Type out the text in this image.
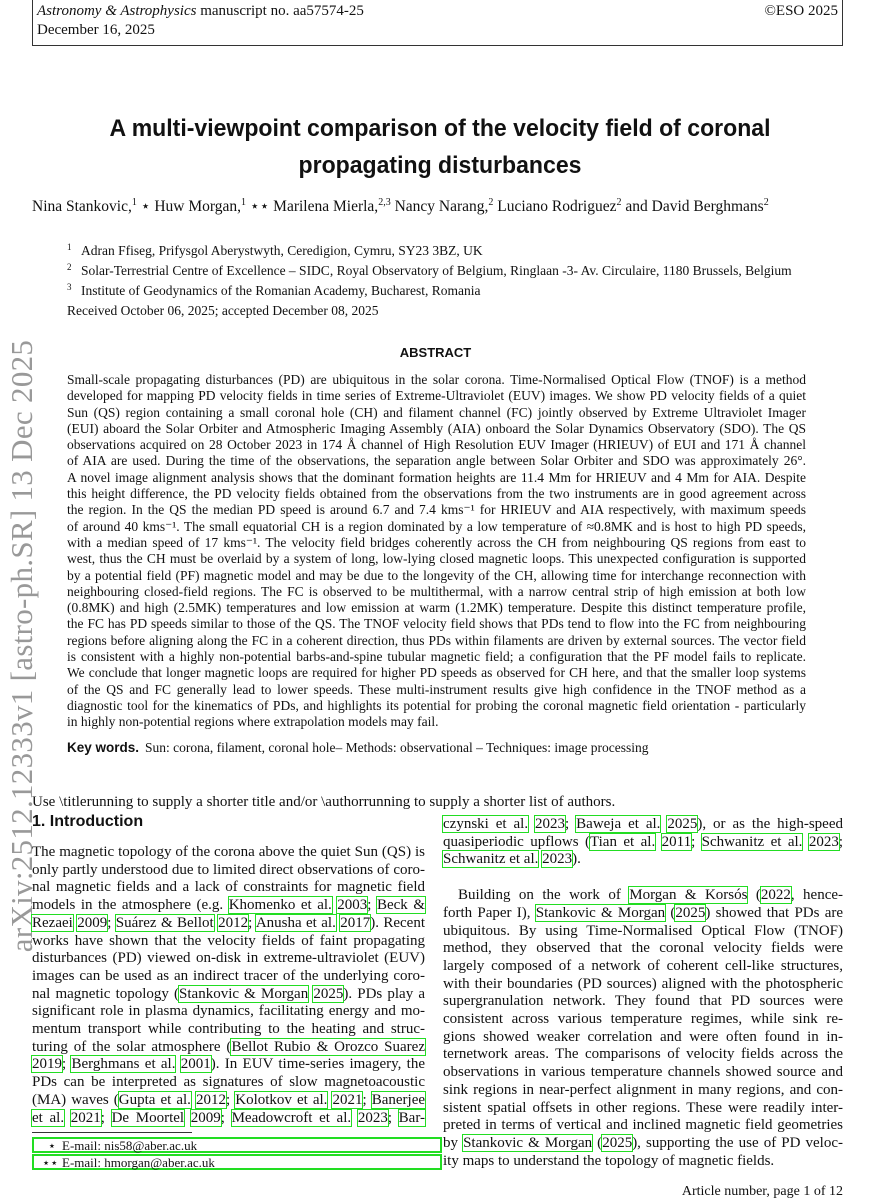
Astronomy & Astrophysics manuscript no. aa57574-25
December 16, 2025
©ESO 2025
arXiv:2512.12333v1 [astro-ph.SR] 13 Dec 2025
A multi-viewpoint comparison of the velocity field of coronal
propagating disturbances
Nina Stankovic,$^1$ ⋆ Huw Morgan,$^1$ ⋆⋆ Marilena Mierla,$^{2,3}$ Nancy Narang,$^2$ Luciano Rodriguez$^2$ and David Berghmans$^2$
1 Adran Ffiseg, Prifysgol Aberystwyth, Ceredigion, Cymru, SY23 3BZ, UK
2 Solar-Terrestrial Centre of Excellence – SIDC, Royal Observatory of Belgium, Ringlaan -3- Av. Circulaire, 1180 Brussels, Belgium
3 Institute of Geodynamics of the Romanian Academy, Bucharest, Romania
Received October 06, 2025; accepted December 08, 2025
ABSTRACT
Small-scale propagating disturbances (PD) are ubiquitous in the solar corona. Time-Normalised Optical Flow (TNOF) is a method
developed for mapping PD velocity fields in time series of Extreme-Ultraviolet (EUV) images. We show PD velocity fields of a quiet
Sun (QS) region containing a small coronal hole (CH) and filament channel (FC) jointly observed by Extreme Ultraviolet Imager
(EUI) aboard the Solar Orbiter and Atmospheric Imaging Assembly (AIA) onboard the Solar Dynamics Observatory (SDO). The QS
observations acquired on 28 October 2023 in 174 Å channel of High Resolution EUV Imager (HRIEUV) of EUI and 171 Å channel
of AIA are used. During the time of the observations, the separation angle between Solar Orbiter and SDO was approximately 26°.
A novel image alignment analysis shows that the dominant formation heights are 11.4 Mm for HRIEUV and 4 Mm for AIA. Despite
this height difference, the PD velocity fields obtained from the observations from the two instruments are in good agreement across
the region. In the QS the median PD speed is around 6.7 and 7.4 kms⁻¹ for HRIEUV and AIA respectively, with maximum speeds
of around 40 kms⁻¹. The small equatorial CH is a region dominated by a low temperature of ≈0.8MK and is host to high PD speeds,
with a median speed of 17 kms⁻¹. The velocity field bridges coherently across the CH from neighbouring QS regions from east to
west, thus the CH must be overlaid by a system of long, low-lying closed magnetic loops. This unexpected configuration is supported
by a potential field (PF) magnetic model and may be due to the longevity of the CH, allowing time for interchange reconnection with
neighbouring closed-field regions. The FC is observed to be multithermal, with a narrow central strip of high emission at both low
(0.8MK) and high (2.5MK) temperatures and low emission at warm (1.2MK) temperature. Despite this distinct temperature profile,
the FC has PD speeds similar to those of the QS. The TNOF velocity field shows that PDs tend to flow into the FC from neighbouring
regions before aligning along the FC in a coherent direction, thus PDs within filaments are driven by external sources. The vector field
is consistent with a highly non-potential barbs-and-spine tubular magnetic field; a configuration that the PF model fails to replicate.
We conclude that longer magnetic loops are required for higher PD speeds as observed for CH here, and that the smaller loop systems
of the QS and FC generally lead to lower speeds. These multi-instrument results give high confidence in the TNOF method as a
diagnostic tool for the kinematics of PDs, and highlights its potential for probing the coronal magnetic field orientation - particularly
in highly non-potential regions where extrapolation models may fail.
Key words. Sun: corona, filament, coronal hole– Methods: observational – Techniques: image processing
Use \titlerunning to supply a shorter title and/or \authorrunning to supply a shorter list of authors.
1. Introduction
The magnetic topology of the corona above the quiet Sun (QS) is
only partly understood due to limited direct observations of coro-
nal magnetic fields and a lack of constraints for magnetic field
models in the atmosphere (e.g. Khomenko et al. 2003; Beck &
Rezaei 2009; Suárez & Bellot 2012; Anusha et al. 2017). Recent
works have shown that the velocity fields of faint propagating
disturbances (PD) viewed on-disk in extreme-ultraviolet (EUV)
images can be used as an indirect tracer of the underlying coro-
nal magnetic topology (Stankovic & Morgan 2025). PDs play a
significant role in plasma dynamics, facilitating energy and mo-
mentum transport while contributing to the heating and struc-
turing of the solar atmosphere (Bellot Rubio & Orozco Suarez
2019; Berghmans et al. 2001). In EUV time-series imagery, the
PDs can be interpreted as signatures of slow magnetoacoustic
(MA) waves (Gupta et al. 2012; Kolotkov et al. 2021; Banerjee
et al. 2021; De Moortel 2009; Meadowcroft et al. 2023; Bar-
czynski et al. 2023; Baweja et al. 2025), or as the high-speed
quasiperiodic upflows (Tian et al. 2011; Schwanitz et al. 2023;
Schwanitz et al. 2023).
Building on the work of Morgan & Korsós (2022, hence-
forth Paper I), Stankovic & Morgan (2025) showed that PDs are
ubiquitous. By using Time-Normalised Optical Flow (TNOF)
method, they observed that the coronal velocity fields were
largely composed of a network of coherent cell-like structures,
with their boundaries (PD sources) aligned with the photospheric
supergranulation network. They found that PD sources were
consistent across various temperature regimes, while sink re-
gions showed weaker correlation and were often found in in-
ternetwork areas. The comparisons of velocity fields across the
observations in various temperature channels showed source and
sink regions in near-perfect alignment in many regions, and con-
sistent spatial offsets in other regions. These were readily inter-
preted in terms of vertical and inclined magnetic field geometries
by Stankovic & Morgan (2025), supporting the use of PD veloc-
ity maps to understand the topology of magnetic fields.
⋆ E-mail: nis58@aber.ac.uk
⋆⋆ E-mail: hmorgan@aber.ac.uk
Article number, page 1 of 12
